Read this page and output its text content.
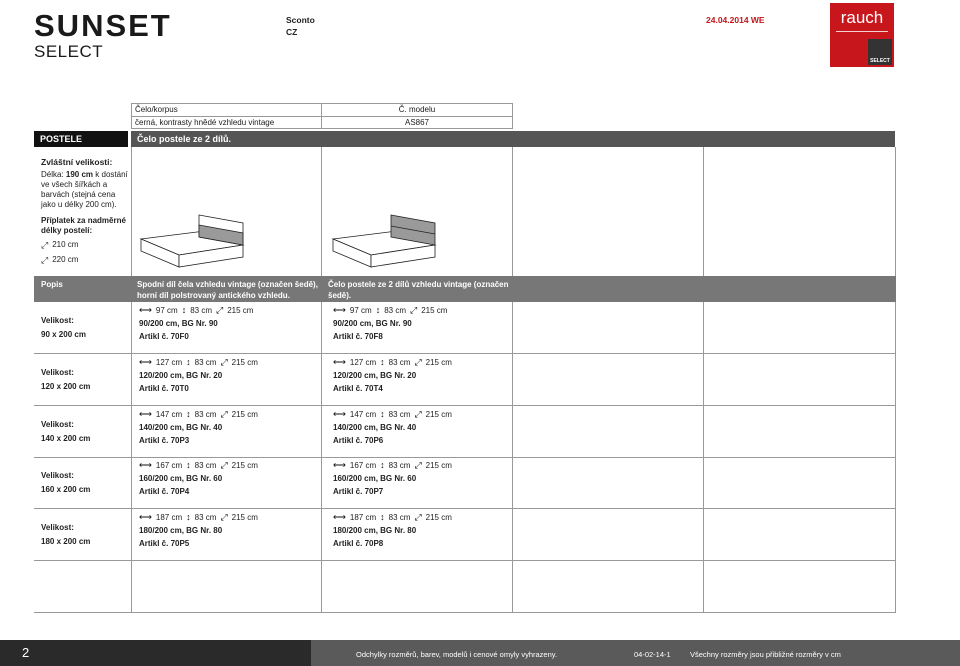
SUNSET
SELECT
Sconto
CZ
24.04.2014 WE	rauch
SELECT
Čelo/korpus	Č. modelu
černá, kontrasty hnědé vzhledu vintage	AS867
POSTELE	Čelo postele ze 2 dílů.
Zvláštní velikosti:
Délka: 190 cm k dostání ve všech šířkách a barvách (stejná cena jako u délky 200 cm).
Příplatek za nadměrné délky postelí:
⤢ 210 cm
⤢ 220 cm
Popis	Spodní díl čela vzhledu vintage (označen šedě), horní díl polstrovaný antického vzhledu.
Čelo postele ze 2 dílů vzhledu vintage (označen šedě).
Velikost:
90 x 200 cm
⟷ 97 cm ↕ 83 cm ⤢ 215 cm
90/200 cm, BG Nr. 90
Artikl č. 70F0
⟷ 97 cm ↕ 83 cm ⤢ 215 cm
90/200 cm, BG Nr. 90
Artikl č. 70F8
Velikost:
120 x 200 cm
⟷ 127 cm ↕ 83 cm ⤢ 215 cm
120/200 cm, BG Nr. 20
Artikl č. 70T0
⟷ 127 cm ↕ 83 cm ⤢ 215 cm
120/200 cm, BG Nr. 20
Artikl č. 70T4
Velikost:
140 x 200 cm
⟷ 147 cm ↕ 83 cm ⤢ 215 cm
140/200 cm, BG Nr. 40
Artikl č. 70P3
⟷ 147 cm ↕ 83 cm ⤢ 215 cm
140/200 cm, BG Nr. 40
Artikl č. 70P6
Velikost:
160 x 200 cm
⟷ 167 cm ↕ 83 cm ⤢ 215 cm
160/200 cm, BG Nr. 60
Artikl č. 70P4
⟷ 167 cm ↕ 83 cm ⤢ 215 cm
160/200 cm, BG Nr. 60
Artikl č. 70P7
Velikost:
180 x 200 cm
⟷ 187 cm ↕ 83 cm ⤢ 215 cm
180/200 cm, BG Nr. 80
Artikl č. 70P5
⟷ 187 cm ↕ 83 cm ⤢ 215 cm
180/200 cm, BG Nr. 80
Artikl č. 70P8
2	Odchylky rozměrů, barev, modelů i cenové omyly vyhrazeny.	04-02-14-1	Všechny rozměry jsou přibližné rozměry v cm
